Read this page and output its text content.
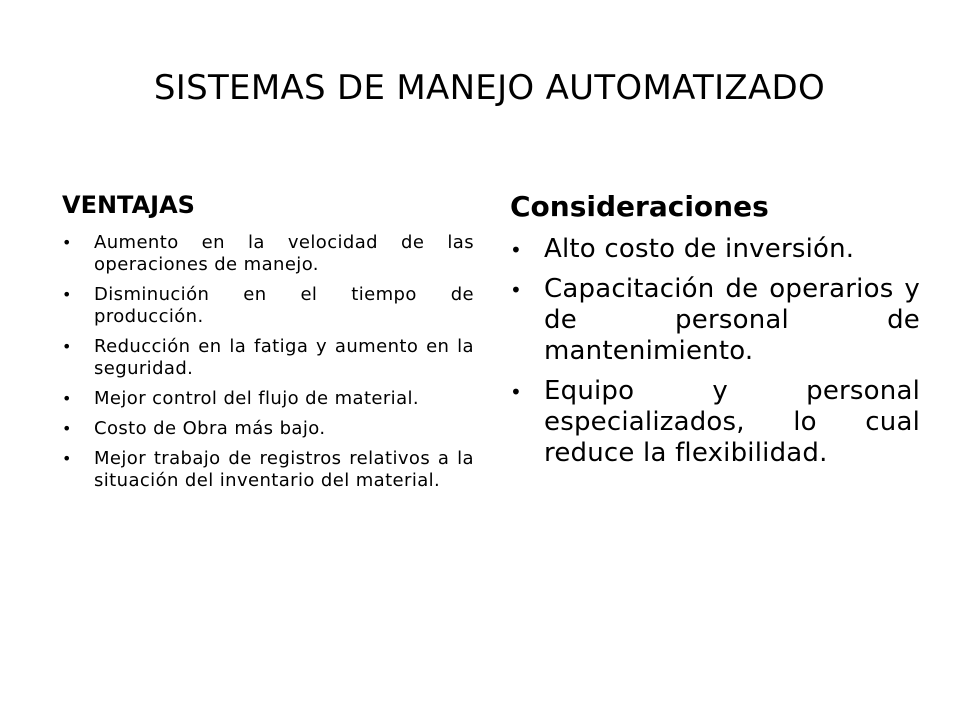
SISTEMAS DE MANEJO AUTOMATIZADO
VENTAJAS
• Aumento en la velocidad de las operaciones de manejo.
• Disminución en el tiempo de producción.
• Reducción en la fatiga y aumento en la seguridad.
• Mejor control del flujo de material.
• Costo de Obra más bajo.
• Mejor trabajo de registros relativos a la situación del inventario del material.
Consideraciones
• Alto costo de inversión.
• Capacitación de operarios y de personal de mantenimiento.
• Equipo y personal especializados, lo cual reduce la flexibilidad.
